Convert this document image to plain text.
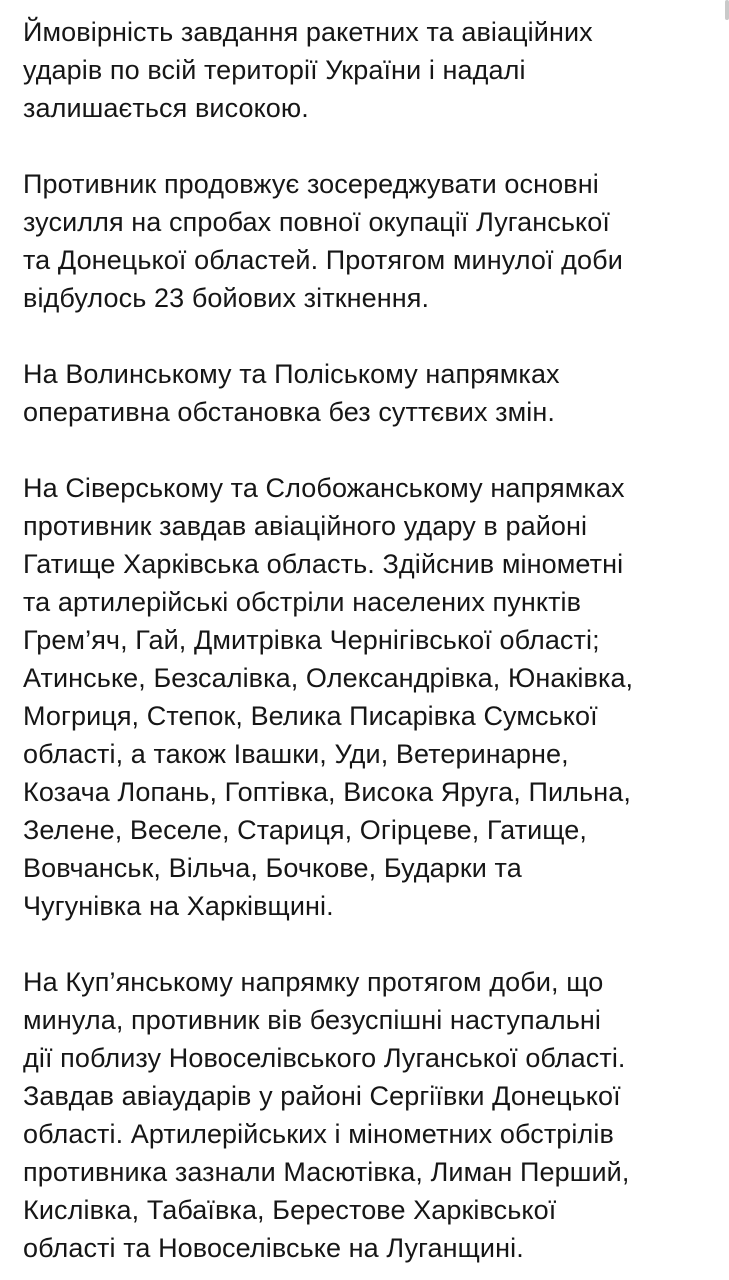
Ймовірність завдання ракетних та авіаційних
ударів по всій території України і надалі
залишається високою.

Противник продовжує зосереджувати основні
зусилля на спробах повної окупації Луганської
та Донецької областей. Протягом минулої доби
відбулось 23 бойових зіткнення.

На Волинському та Поліському напрямках
оперативна обстановка без суттєвих змін.

На Сіверському та Слобожанському напрямках
противник завдав авіаційного удару в районі
Гатище Харківська область. Здійснив мінометні
та артилерійські обстріли населених пунктів
Грем’яч, Гай, Дмитрівка Чернігівської області;
Атинське, Безсалівка, Олександрівка, Юнаківка,
Могриця, Степок, Велика Писарівка Сумської
області, а також Івашки, Уди, Ветеринарне,
Козача Лопань, Гоптівка, Висока Яруга, Пильна,
Зелене, Веселе, Стариця, Огірцеве, Гатище,
Вовчанськ, Вільча, Бочкове, Бударки та
Чугунівка на Харківщині.

На Куп’янському напрямку протягом доби, що
минула, противник вів безуспішні наступальні
дії поблизу Новоселівського Луганської області.
Завдав авіаударів у районі Сергіївки Донецької
області. Артилерійських і мінометних обстрілів
противника зазнали Масютівка, Лиман Перший,
Кислівка, Табаївка, Берестове Харківської
області та Новоселівське на Луганщині.
